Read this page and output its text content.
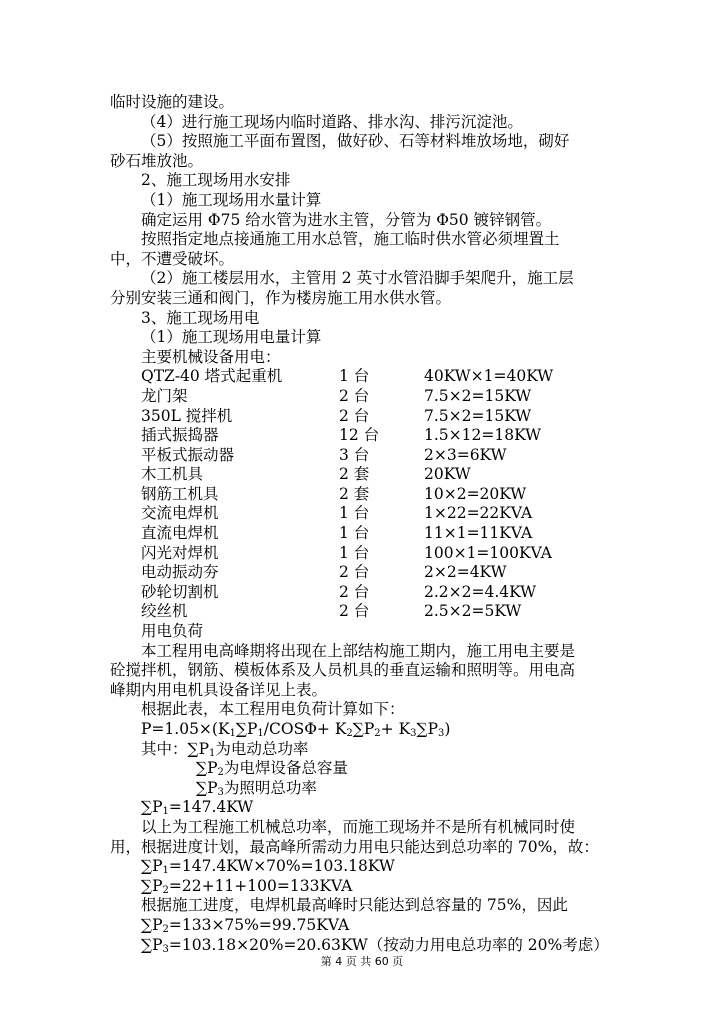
临时设施的建设。
（4）进行施工现场内临时道路、排水沟、排污沉淀池。
（5）按照施工平面布置图，做好砂、石等材料堆放场地，砌好
砂石堆放池。
2、施工现场用水安排
（1）施工现场用水量计算
确定运用 Φ75 给水管为进水主管，分管为 Φ50 镀锌钢管。
按照指定地点接通施工用水总管，施工临时供水管必须埋置土
中，不遭受破坏。
（2）施工楼层用水，主管用 2 英寸水管沿脚手架爬升，施工层
分别安装三通和阀门，作为楼房施工用水供水管。
3、施工现场用电
（1）施工现场用电量计算
主要机械设备用电：
QTZ-40 塔式起重机	1 台	40KW×1=40KW
龙门架	2 台	7.5×2=15KW
350L 搅拌机	2 台	7.5×2=15KW
插式振捣器	12 台	1.5×12=18KW
平板式振动器	3 台	2×3=6KW
木工机具	2 套	20KW
钢筋工机具	2 套	10×2=20KW
交流电焊机	1 台	1×22=22KVA
直流电焊机	1 台	11×1=11KVA
闪光对焊机	1 台	100×1=100KVA
电动振动夯	2 台	2×2=4KW
砂轮切割机	2 台	2.2×2=4.4KW
绞丝机	2 台	2.5×2=5KW
用电负荷
本工程用电高峰期将出现在上部结构施工期内，施工用电主要是
砼搅拌机，钢筋、模板体系及人员机具的垂直运输和照明等。用电高
峰期内用电机具设备详见上表。
根据此表，本工程用电负荷计算如下：
$P=1.05\times(K_1\sum P_1/COS\Phi+ K_2\sum P_2+ K_3\sum P_3)$
其中：$\sum P_1$为电动总功率
$\sum P_2$为电焊设备总容量
$\sum P_3$为照明总功率
$\sum P_1=147.4KW$
以上为工程施工机械总功率，而施工现场并不是所有机械同时使
用，根据进度计划，最高峰所需动力用电只能达到总功率的 70%，故：
$\sum P_1=147.4KW\times 70\%=103.18KW$
$\sum P_2=22+11+100=133KVA$
根据施工进度，电焊机最高峰时只能达到总容量的 75%，因此
$\sum P_2=133\times 75\%=99.75KVA$
$\sum P_3=103.18\times 20\%=20.63KW$（按动力用电总功率的 20%考虑）
第 4 页 共 60 页
